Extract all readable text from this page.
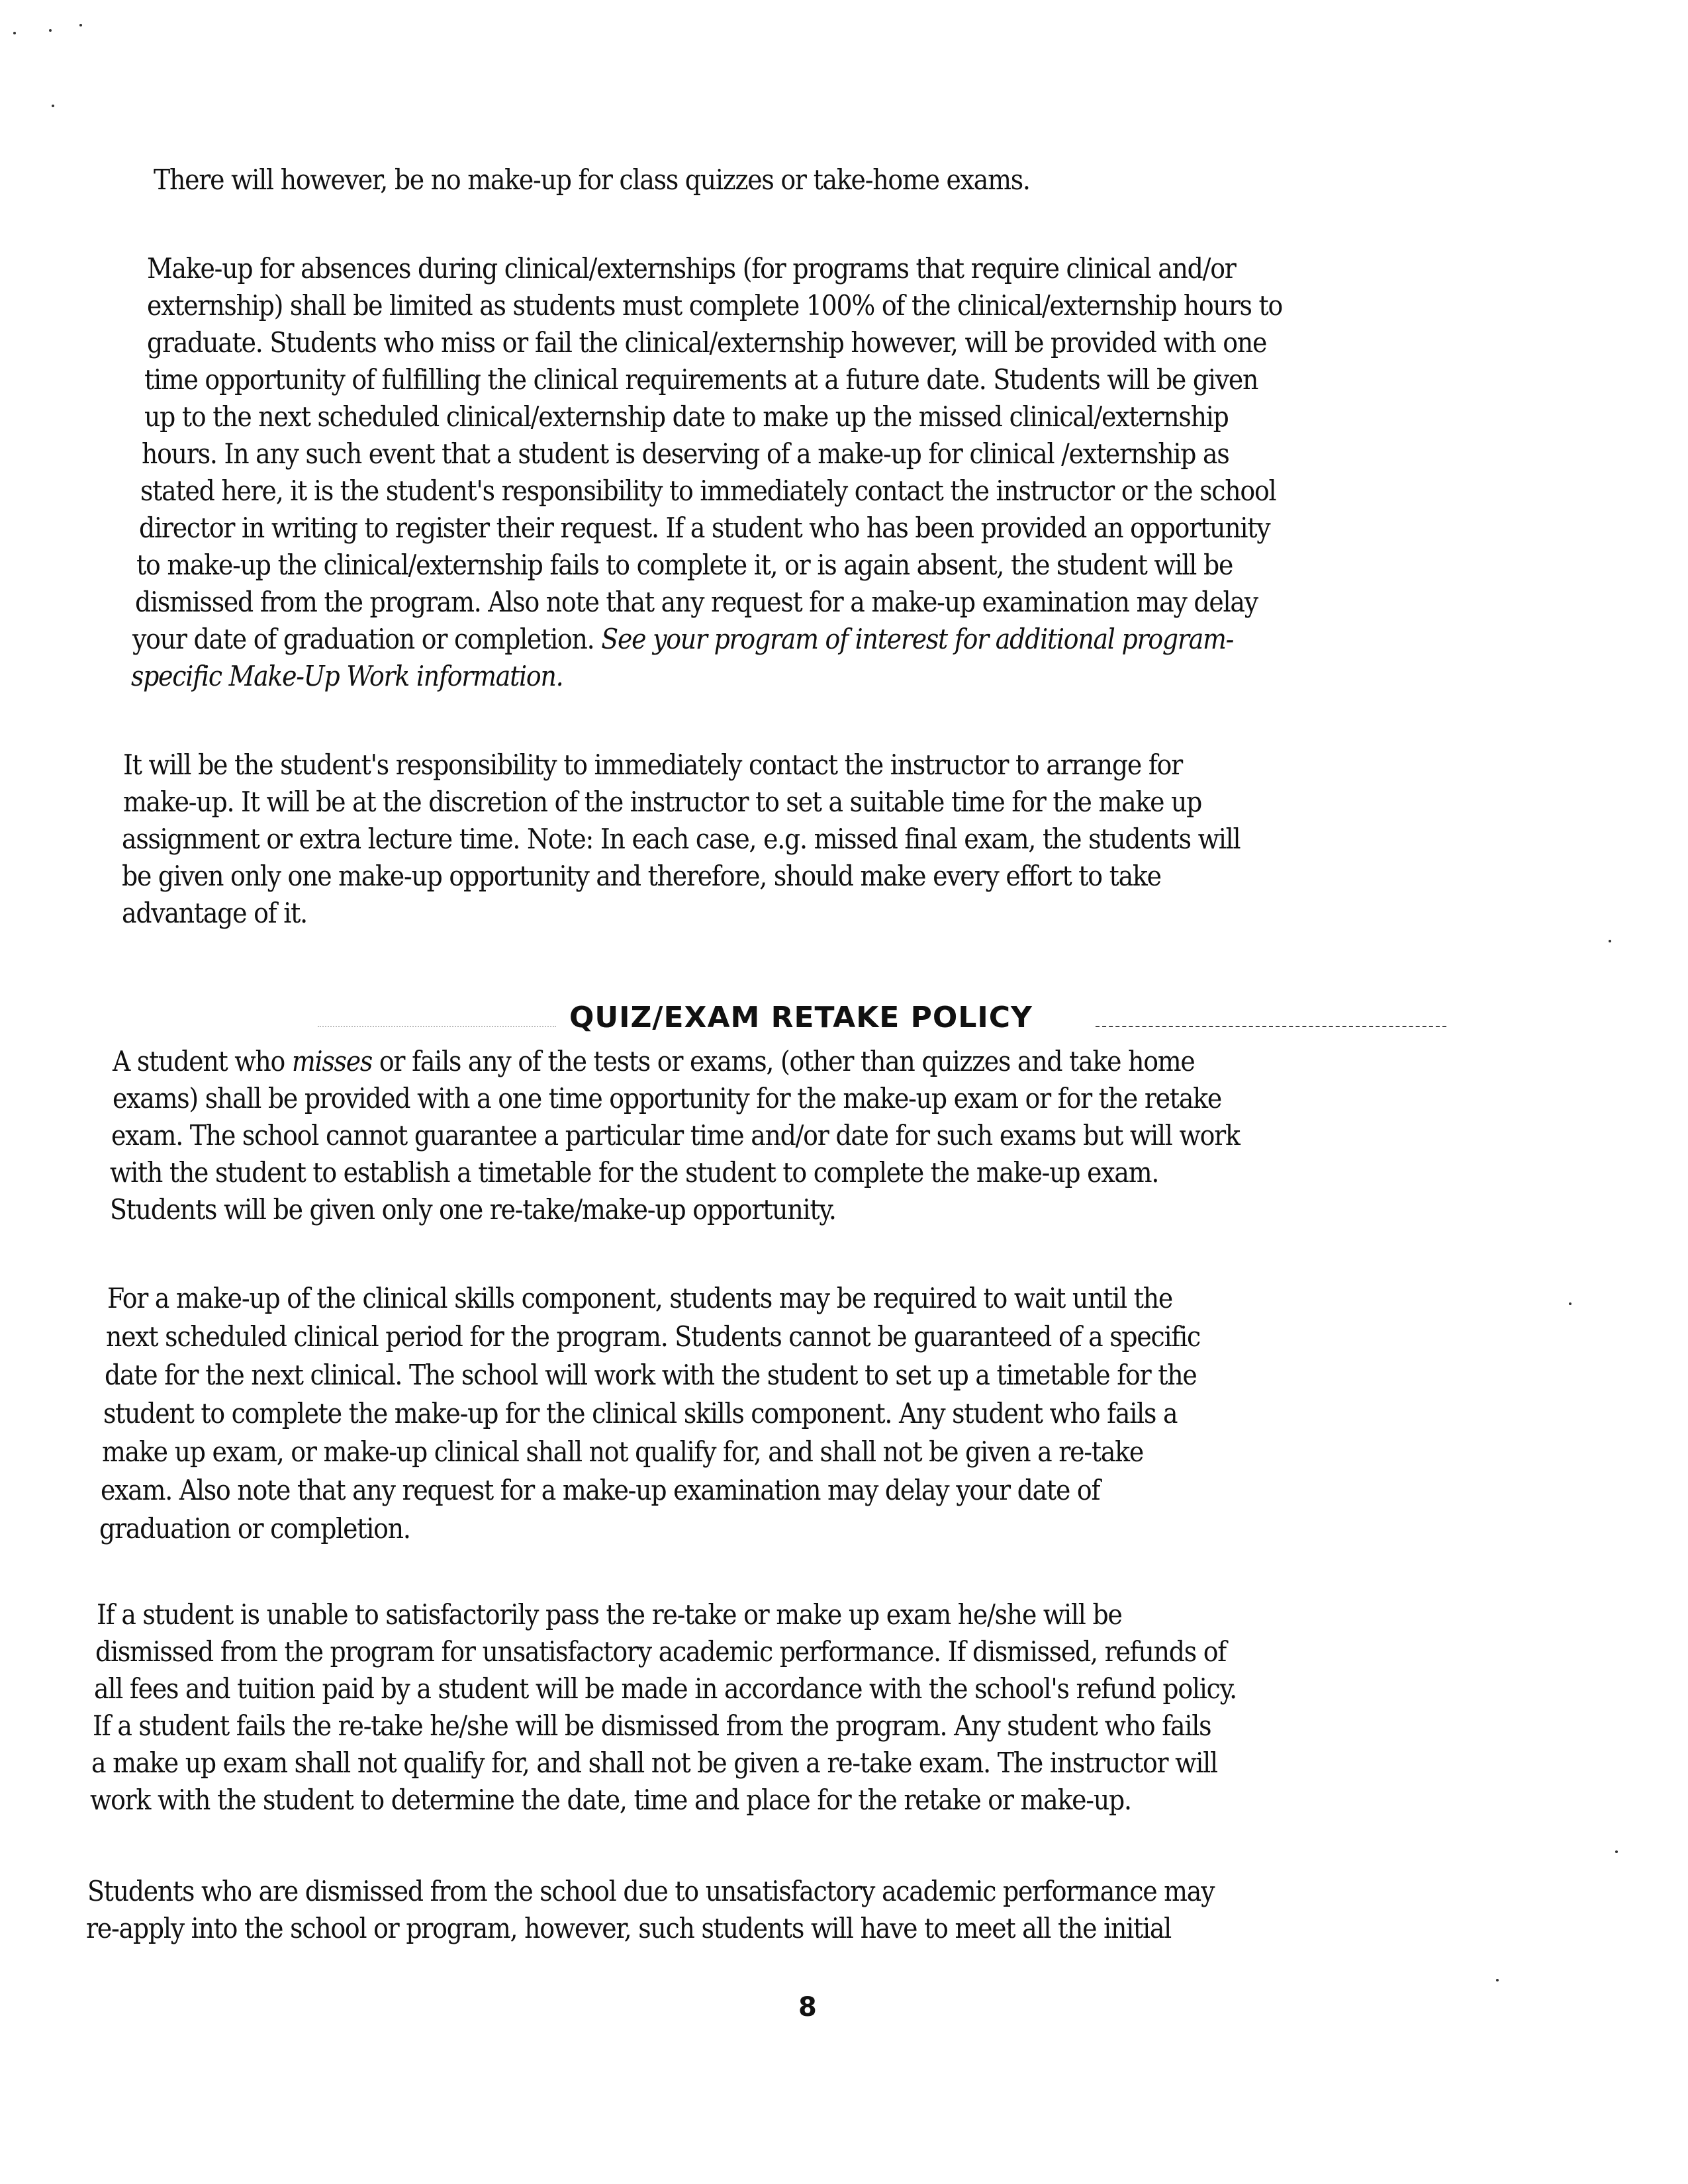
There will however, be no make-up for class quizzes or take-home exams.
Make-up for absences during clinical/externships (for programs that require clinical and/or
externship) shall be limited as students must complete 100% of the clinical/externship hours to
graduate. Students who miss or fail the clinical/externship however, will be provided with one
time opportunity of fulfilling the clinical requirements at a future date. Students will be given
up to the next scheduled clinical/externship date to make up the missed clinical/externship
hours. In any such event that a student is deserving of a make-up for clinical /externship as
stated here, it is the student's responsibility to immediately contact the instructor or the school
director in writing to register their request. If a student who has been provided an opportunity
to make-up the clinical/externship fails to complete it, or is again absent, the student will be
dismissed from the program. Also note that any request for a make-up examination may delay
your date of graduation or completion. See your program of interest for additional program-
specific Make-Up Work information.
It will be the student's responsibility to immediately contact the instructor to arrange for
make-up. It will be at the discretion of the instructor to set a suitable time for the make up
assignment or extra lecture time. Note: In each case, e.g. missed final exam, the students will
be given only one make-up opportunity and therefore, should make every effort to take
advantage of it.
QUIZ/EXAM RETAKE POLICY
A student who misses or fails any of the tests or exams, (other than quizzes and take home
exams) shall be provided with a one time opportunity for the make-up exam or for the retake
exam. The school cannot guarantee a particular time and/or date for such exams but will work
with the student to establish a timetable for the student to complete the make-up exam.
Students will be given only one re-take/make-up opportunity.
For a make-up of the clinical skills component, students may be required to wait until the
next scheduled clinical period for the program. Students cannot be guaranteed of a specific
date for the next clinical. The school will work with the student to set up a timetable for the
student to complete the make-up for the clinical skills component. Any student who fails a
make up exam, or make-up clinical shall not qualify for, and shall not be given a re-take
exam. Also note that any request for a make-up examination may delay your date of
graduation or completion.
If a student is unable to satisfactorily pass the re-take or make up exam he/she will be
dismissed from the program for unsatisfactory academic performance. If dismissed, refunds of
all fees and tuition paid by a student will be made in accordance with the school's refund policy.
If a student fails the re-take he/she will be dismissed from the program. Any student who fails
a make up exam shall not qualify for, and shall not be given a re-take exam. The instructor will
work with the student to determine the date, time and place for the retake or make-up.
Students who are dismissed from the school due to unsatisfactory academic performance may
re-apply into the school or program, however, such students will have to meet all the initial
8
